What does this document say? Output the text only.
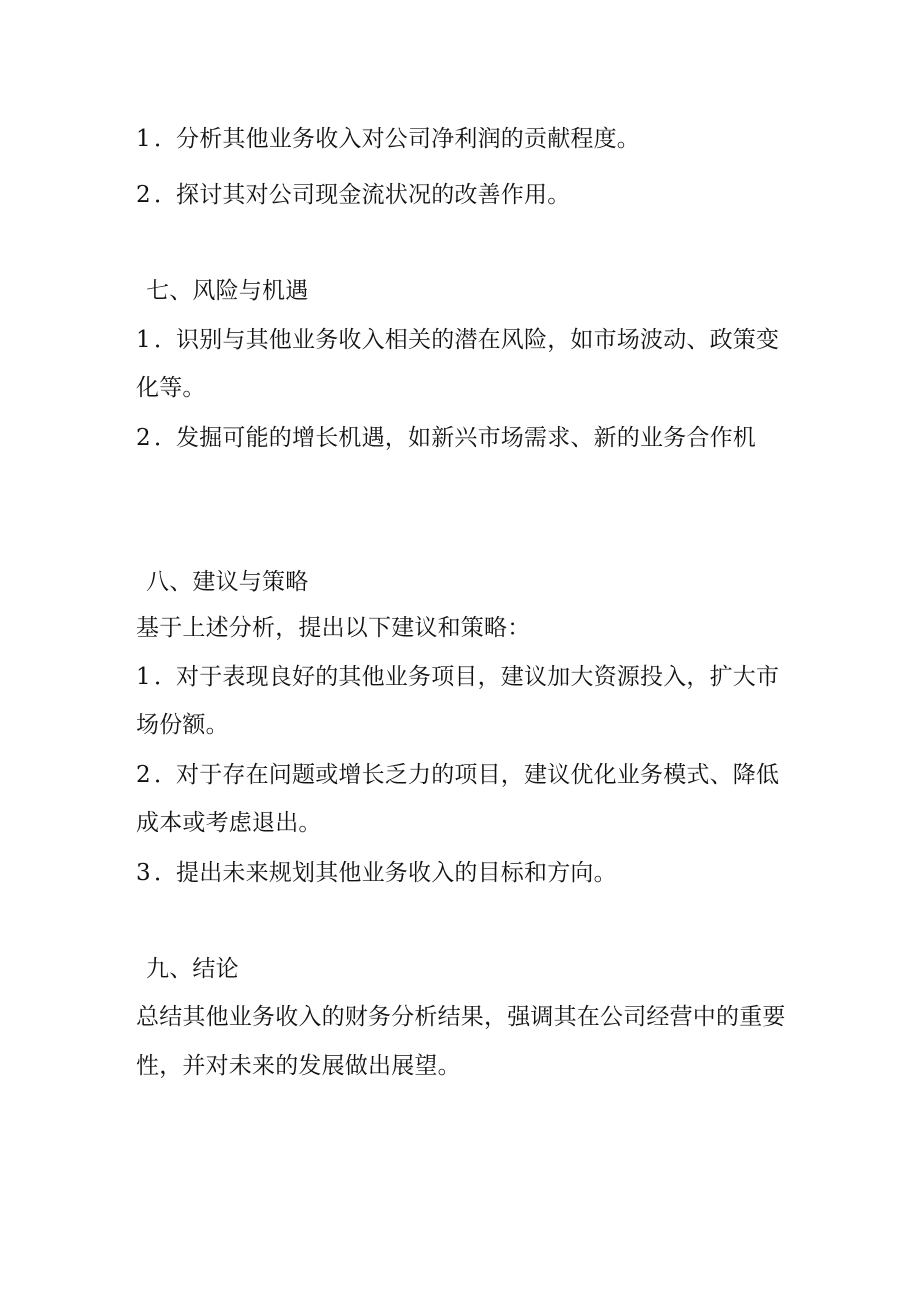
1 ．分析其他业务收入对公司净利润的贡献程度。
2 ．探讨其对公司现金流状况的改善作用。
七、风险与机遇
1 ．识别与其他业务收入相关的潜在风险，如市场波动、政策变
化等。
2 ．发掘可能的增长机遇，如新兴市场需求、新的业务合作机
八、建议与策略
基于上述分析，提出以下建议和策略：
1 ．对于表现良好的其他业务项目，建议加大资源投入，扩大市
场份额。
2 ．对于存在问题或增长乏力的项目，建议优化业务模式、降低
成本或考虑退出。
3 ．提出未来规划其他业务收入的目标和方向。
九、结论
总结其他业务收入的财务分析结果，强调其在公司经营中的重要
性，并对未来的发展做出展望。
